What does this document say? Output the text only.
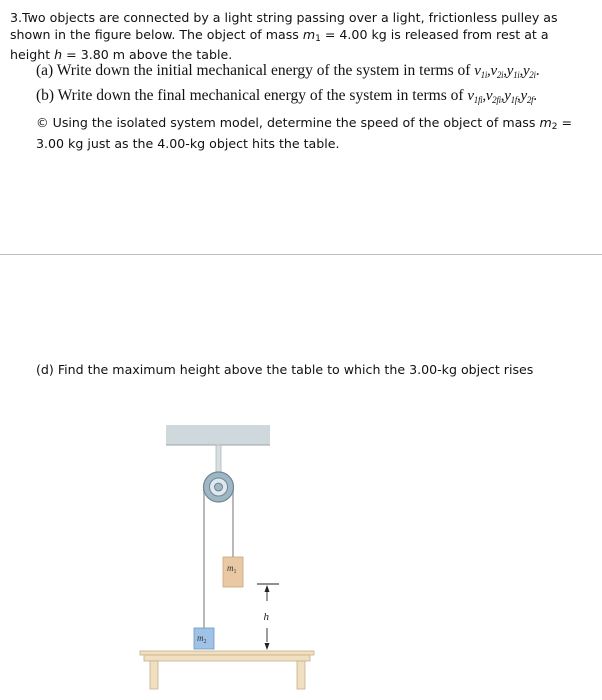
3.Two objects are connected by a light string passing over a light, frictionless pulley as
shown in the figure below. The object of mass $m_1 = 4.00$ kg is released from rest at a
height h = 3.80 m above the table.
(a) Write down the initial mechanical energy of the system in terms of $v_{1i},v_{2i},y_{1i},y_{2i}$.
(b) Write down the final mechanical energy of the system in terms of $v_{1fi},v_{2fi},y_{1f},y_{2f}$.
© Using the isolated system model, determine the speed of the object of mass m2 =
3.00 kg just as the 4.00-kg object hits the table.
(d) Find the maximum height above the table to which the 3.00-kg object rises
$m_1$
h
$m_2$
